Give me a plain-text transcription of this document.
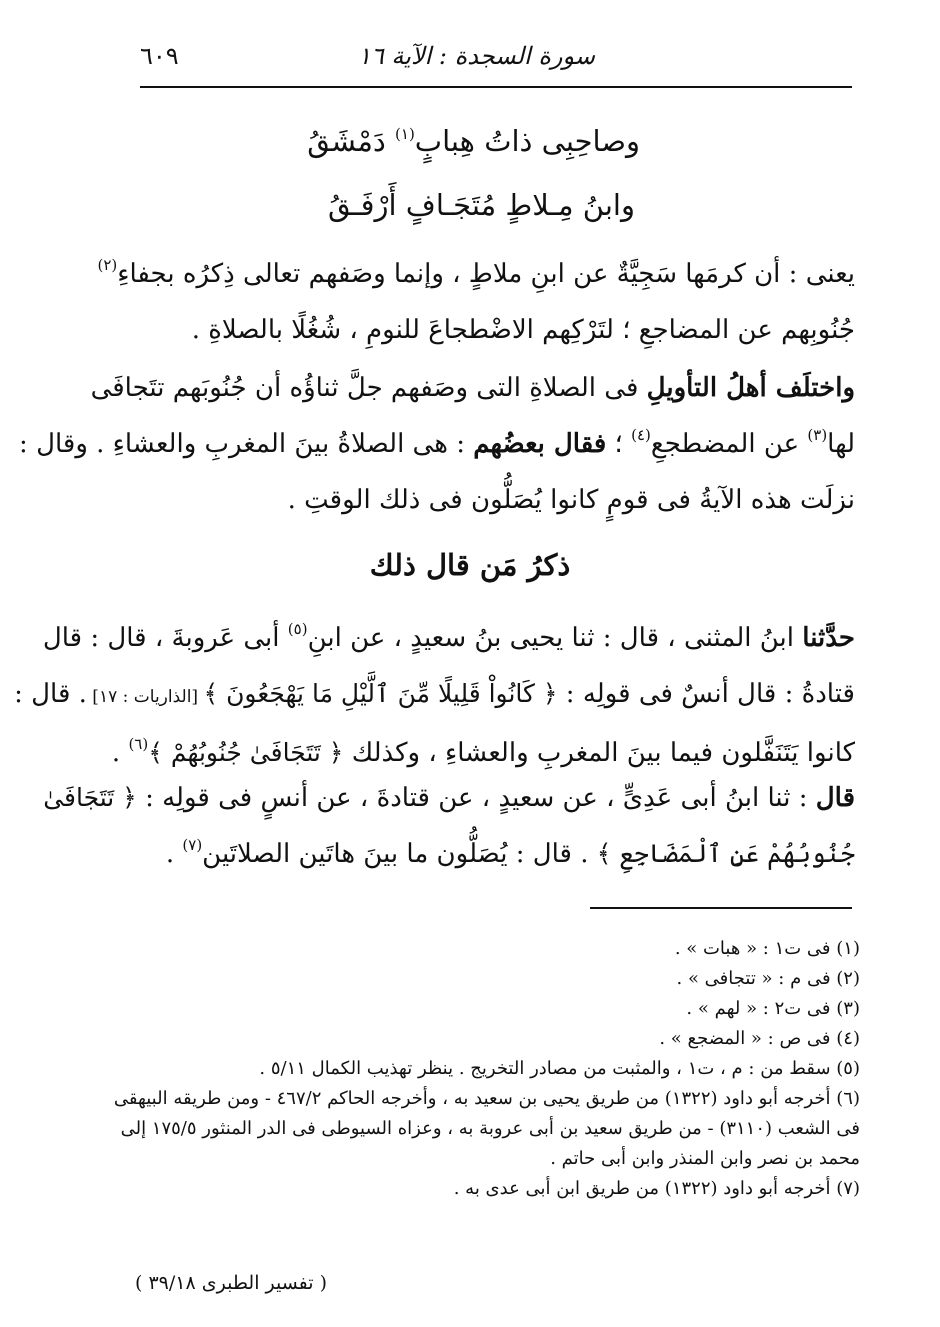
سورة السجدة : الآية ١٦
٦٠٩
وصاحِبِى ذاتُ هِبابٍ$^{(١)}$ دَمْشَقُ
وابنُ مِـلاطٍ مُتَجَـافٍ أَرْفَـقُ
يعنى : أن كرمَها سَجِيَّةٌ عن ابنِ ملاطٍ ، وإنما وصَفهم تعالى ذِكرُه بجفاءِ$^{(٢)}$
جُنُوبِهم عن المضاجعِ ؛ لتَرْكِهم الاضْطجاعَ للنومِ ، شُغُلًا بالصلاةِ .
واختلَف أهلُ التأويلِ فى الصلاةِ التى وصَفهم جلَّ ثناؤُه أن جُنُوبَهم تتَجافَى
لها$^{(٣)}$ عن المضطجعِ$^{(٤)}$ ؛ فقال بعضُهم : هى الصلاةُ بينَ المغربِ والعشاءِ . وقال :
نزلَت هذه الآيةُ فى قومٍ كانوا يُصَلُّون فى ذلك الوقتِ .
ذكرُ مَن قال ذلك
حدَّثنا ابنُ المثنى ، قال : ثنا يحيى بنُ سعيدٍ ، عن ابنِ$^{(٥)}$ أبى عَروبةَ ، قال : قال
قتادةُ : قال أنسٌ فى قولِه : ﴿ كَانُواْ قَلِيلًا مِّنَ ٱلَّيْلِ مَا يَهْجَعُونَ ﴾ [الذاريات : ١٧] . قال :
كانوا يَتَنَفَّلون فيما بينَ المغربِ والعشاءِ ، وكذلك ﴿ تَتَجَافَىٰ جُنُوبُهُمْ ﴾$^{(٦)}$ .
قال : ثنا ابنُ أبى عَدِىٍّ ، عن سعيدٍ ، عن قتادةَ ، عن أنسٍ فى قولِه : ﴿ تَتَجَافَىٰ
جُنُوبُهُمْ عَنِ ٱلْمَضَاجِعِ ﴾ . قال : يُصَلُّون ما بينَ هاتَين الصلاتَين$^{(٧)}$ .
(١) فى ت١ : « هبات » .
(٢) فى م : « تتجافى » .
(٣) فى ت٢ : « لهم » .
(٤) فى ص : « المضجع » .
(٥) سقط من : م ، ت١ ، والمثبت من مصادر التخريج . ينظر تهذيب الكمال ٥/١١ .
(٦) أخرجه أبو داود (١٣٢٢) من طريق يحيى بن سعيد به ، وأخرجه الحاكم ٤٦٧/٢ - ومن طريقه البيهقى
فى الشعب (٣١١٠) - من طريق سعيد بن أبى عروبة به ، وعزاه السيوطى فى الدر المنثور ١٧٥/٥ إلى
محمد بن نصر وابن المنذر وابن أبى حاتم .
(٧) أخرجه أبو داود (١٣٢٢) من طريق ابن أبى عدى به .
( تفسير الطبرى ٣٩/١٨ )
